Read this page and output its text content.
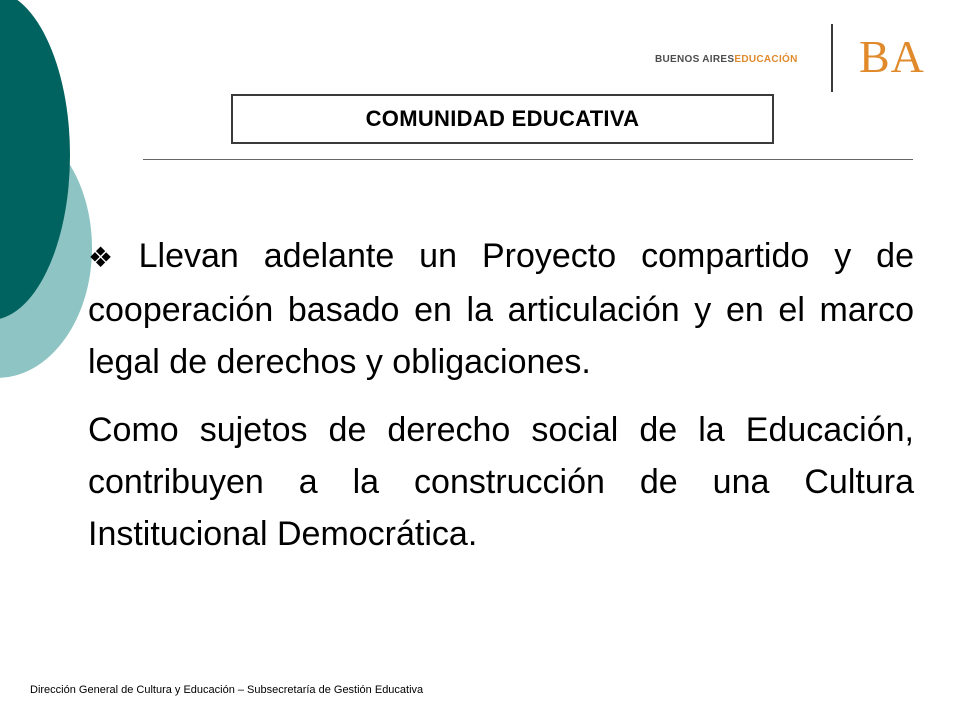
BUENOS AIRESEDUCACIÓN BA
COMUNIDAD EDUCATIVA

❖ Llevan adelante un Proyecto compartido y de cooperación basado en la articulación y en el marco legal de derechos y obligaciones.

Como sujetos de derecho social de la Educación, contribuyen a la construcción de una Cultura Institucional Democrática.

Dirección General de Cultura y Educación – Subsecretaría de Gestión Educativa
